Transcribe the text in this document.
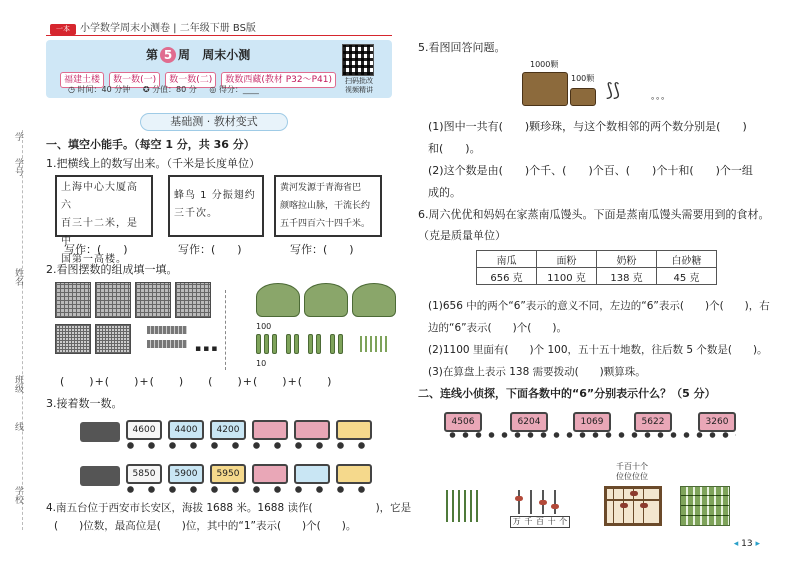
一本	小学数学周末小测卷 | 二年级下册 BS版
学
学号
姓名
班级
线
学校
第 5 周 周末小测
福建土楼 数一数(一) 数一数(二) 数数西藏(教材 P32～P41)
◷ 时间：40 分钟 ✪ 分值：80 分 ◎ 得分：____
扫码批改
视频精讲
基础测 · 教材变式
一、填空小能手。（每空 1 分，共 36 分）
1.把横线上的数写出来。（千米是长度单位）
上海中心大厦高六
百三十二米，是中
国第一高楼。
蜂鸟 1 分振翅约
三千次。
黄河发源于青海省巴
颜喀拉山脉，干流长约
五千四百六十四千米。
写作：(　　)	写作：(　　)	写作：(　　)
2.看图摆数的组成填一填。
▪▪▪
100
10
(　　)+(　　)+(　　)　　(　　)+(　　)+(　　)
3.接着数一数。
4600	4400	4200
5850	5900	5950
4.南五台位于西安市长安区，海拔 1688 米。1688 读作(　　　　　　)，它是
(　　)位数，最高位是(　　)位，其中的“1”表示(　　)个(　　)。
5.看图回答问题。
1000颗
100颗
⟆⟆	∘∘∘
(1)图中一共有(　　)颗珍珠，与这个数相邻的两个数分别是(　　)
和(　　)。
(2)这个数是由(　　)个千、(　　)个百、(　　)个十和(　　)个一组
成的。
6.周六优优和妈妈在家蒸南瓜馒头。下面是蒸南瓜馒头需要用到的食材。
（克是质量单位）
南瓜	面粉	奶粉	白砂糖
656 克	1100 克	138 克	45 克
(1)656 中的两个“6”表示的意义不同，左边的“6”表示(　　)个(　　)，右
边的“6”表示(　　)个(　　)。
(2)1100 里面有(　　)个 100，五十五十地数，往后数 5 个数是(　　)。
(3)在算盘上表示 138 需要拨动(　　)颗算珠。
二、连线小侦探，下面各数中的“6”分别表示什么？（5 分）
4506	6204	1069	5622	3260
万 千 百 十 个
千百十个
位位位位
◂ 13 ▸
